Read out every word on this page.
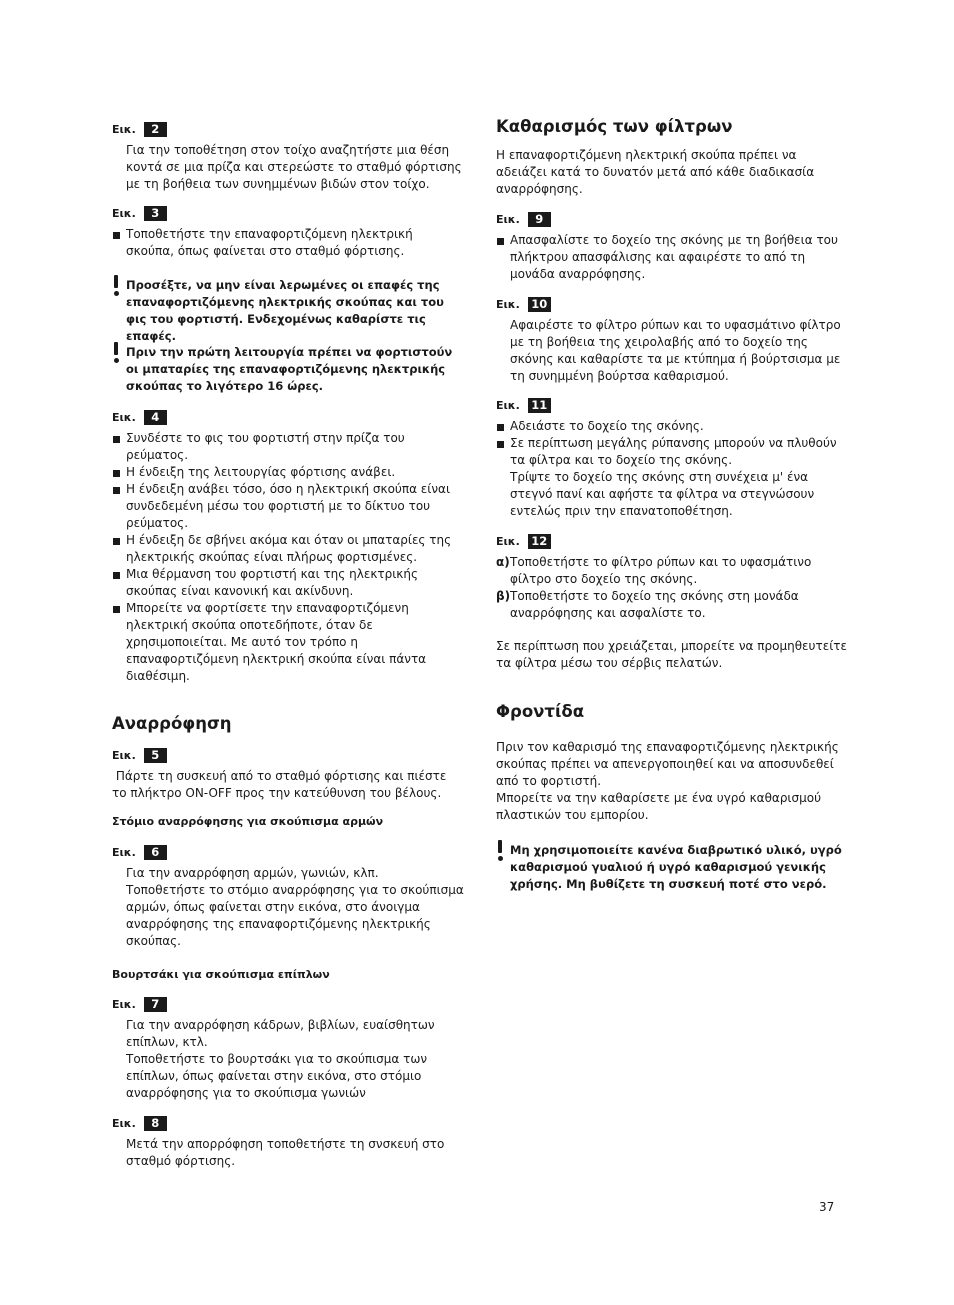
Εικ.	2

Για την τοποθέτηση στον τοίχο αναζητήστε μια θέση κοντά σε μια πρίζα και στερεώστε το σταθμό φόρτισης με τη βοήθεια των συνημμένων βιδών στον τοίχο.

Εικ.	3

Τοποθετήστε την επαναφορτιζόμενη ηλεκτρική σκούπα, όπως φαίνεται στο σταθμό φόρτισης.

Προσέξτε, να μην είναι λερωμένες οι επαφές της επαναφορτιζόμενης ηλεκτρικής σκούπας και του φις του φορτιστή. Ενδεχομένως καθαρίστε τις επαφές.

Πριν την πρώτη λειτουργία πρέπει να φορτιστούν οι μπαταρίες της επαναφορτιζόμενης ηλεκτρικής σκούπας το λιγότερο 16 ώρες.

Εικ.	4

Συνδέστε το φις του φορτιστή στην πρίζα του ρεύματος.

Η ένδειξη της λειτουργίας φόρτισης ανάβει.

Η ένδειξη ανάβει τόσο, όσο η ηλεκτρική σκούπα είναι συνδεδεμένη μέσω του φορτιστή με το δίκτυο του ρεύματος.

Η ένδειξη δε σβήνει ακόμα και όταν οι μπαταρίες της ηλεκτρικής σκούπας είναι πλήρως φορτισμένες.

Μια θέρμανση του φορτιστή και της ηλεκτρικής σκούπας είναι κανονική και ακίνδυνη.

Μπορείτε να φορτίσετε την επαναφορτιζόμενη ηλεκτρική σκούπα οποτεδήποτε, όταν δε χρησιμοποιείται. Με αυτό τον τρόπο η επαναφορτιζόμενη ηλεκτρική σκούπα είναι πάντα διαθέσιμη.

Αναρρόφηση

Εικ.	5

Πάρτε τη συσκευή από το σταθμό φόρτισης και πιέστε το πλήκτρο ON-OFF προς την κατεύθυνση του βέλους.

Στόμιο αναρρόφησης για σκούπισμα αρμών

Εικ.	6

Για την αναρρόφηση αρμών, γωνιών, κλπ.
Τοποθετήστε το στόμιο αναρρόφησης για το σκούπισμα αρμών, όπως φαίνεται στην εικόνα, στο άνοιγμα αναρρόφησης της επαναφορτιζόμενης ηλεκτρικής σκούπας.

Βουρτσάκι για σκούπισμα επίπλων

Εικ.	7

Για την αναρρόφηση κάδρων, βιβλίων, ευαίσθητων επίπλων, κτλ.
Τοποθετήστε το βουρτσάκι για το σκούπισμα των επίπλων, όπως φαίνεται στην εικόνα, στο στόμιο αναρρόφησης για το σκούπισμα γωνιών

Εικ.	8

Μετά την απορρόφηση τοποθετήστε τη σνσκευή στο σταθμό φόρτισης.

Καθαρισμός των φίλτρων

Η επαναφορτιζόμενη ηλεκτρική σκούπα πρέπει να αδειάζει κατά το δυνατόν μετά από κάθε διαδικασία αναρρόφησης.

Εικ.	9

Απασφαλίστε το δοχείο της σκόνης με τη βοήθεια του πλήκτρου απασφάλισης και αφαιρέστε το από τη μονάδα αναρρόφησης.

Εικ. 10

Αφαιρέστε το φίλτρο ρύπων και το υφασμάτινο φίλτρο με τη βοήθεια της χειρολαβής από το δοχείο της σκόνης και καθαρίστε τα με κτύπημα ή βούρτσισμα με τη συνημμένη βούρτσα καθαρισμού.

Εικ. 11

Αδειάστε το δοχείο της σκόνης.

Σε περίπτωση μεγάλης ρύπανσης μπορούν να πλυθούν τα φίλτρα και το δοχείο της σκόνης.

Τρίψτε το δοχείο της σκόνης στη συνέχεια μ' ένα στεγνό πανί και αφήστε τα φίλτρα να στεγνώσουν εντελώς πριν την επανατοποθέτηση.

Εικ. 12

α) Τοποθετήστε το φίλτρο ρύπων και το υφασμάτινο φίλτρο στο δοχείο της σκόνης.

β) Τοποθετήστε το δοχείο της σκόνης στη μονάδα αναρρόφησης και ασφαλίστε το.

Σε περίπτωση που χρειάζεται, μπορείτε να προμηθευτείτε τα φίλτρα μέσω του σέρβις πελατών.

Φροντίδα

Πριν τον καθαρισμό της επαναφορτιζόμενης ηλεκτρικής σκούπας πρέπει να απενεργοποιηθεί και να αποσυνδεθεί από το φορτιστή.
Μπορείτε να την καθαρίσετε με ένα υγρό καθαρισμού πλαστικών του εμπορίου.

Μη χρησιμοποιείτε κανένα διαβρωτικό υλικό, υγρό καθαρισμού γυαλιού ή υγρό καθαρισμού γενικής χρήσης. Μη βυθίζετε τη συσκευή ποτέ στο νερό.

37
